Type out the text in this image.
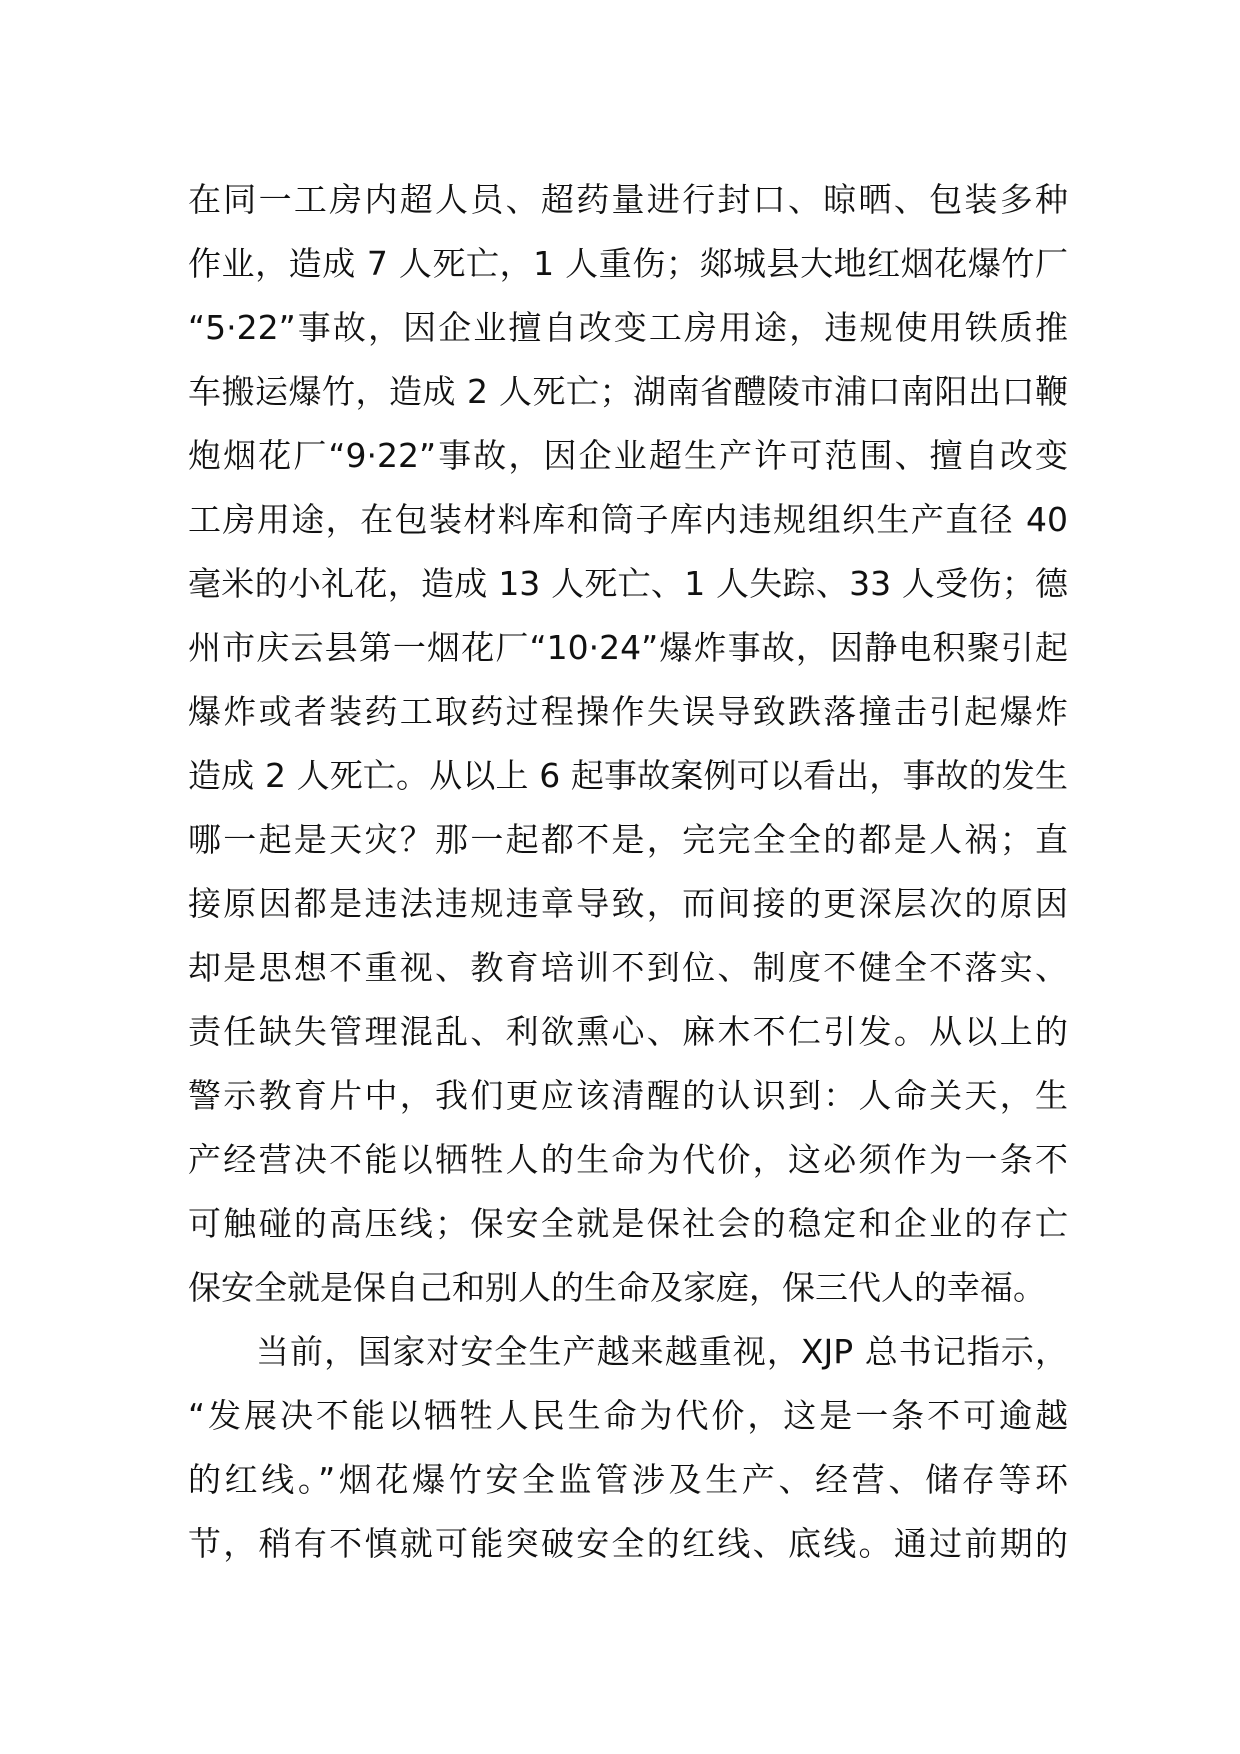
在同一工房内超人员、超药量进行封口、晾晒、包装多种
作业，造成 7 人死亡，1 人重伤；郯城县大地红烟花爆竹厂
“5·22”事故，因企业擅自改变工房用途，违规使用铁质推
车搬运爆竹，造成 2 人死亡；湖南省醴陵市浦口南阳出口鞭
炮烟花厂“9·22”事故，因企业超生产许可范围、擅自改变
工房用途，在包装材料库和筒子库内违规组织生产直径 40
毫米的小礼花，造成 13 人死亡、1 人失踪、33 人受伤；德
州市庆云县第一烟花厂“10·24”爆炸事故，因静电积聚引起
爆炸或者装药工取药过程操作失误导致跌落撞击引起爆炸
造成 2 人死亡。从以上 6 起事故案例可以看出，事故的发生
哪一起是天灾？那一起都不是，完完全全的都是人祸；直
接原因都是违法违规违章导致，而间接的更深层次的原因
却是思想不重视、教育培训不到位、制度不健全不落实、
责任缺失管理混乱、利欲熏心、麻木不仁引发。从以上的
警示教育片中，我们更应该清醒的认识到：人命关天，生
产经营决不能以牺牲人的生命为代价，这必须作为一条不
可触碰的高压线；保安全就是保社会的稳定和企业的存亡
保安全就是保自己和别人的生命及家庭，保三代人的幸福。
当前，国家对安全生产越来越重视，XJP 总书记指示，
“发展决不能以牺牲人民生命为代价，这是一条不可逾越
的红线。”烟花爆竹安全监管涉及生产、经营、储存等环
节，稍有不慎就可能突破安全的红线、底线。通过前期的
